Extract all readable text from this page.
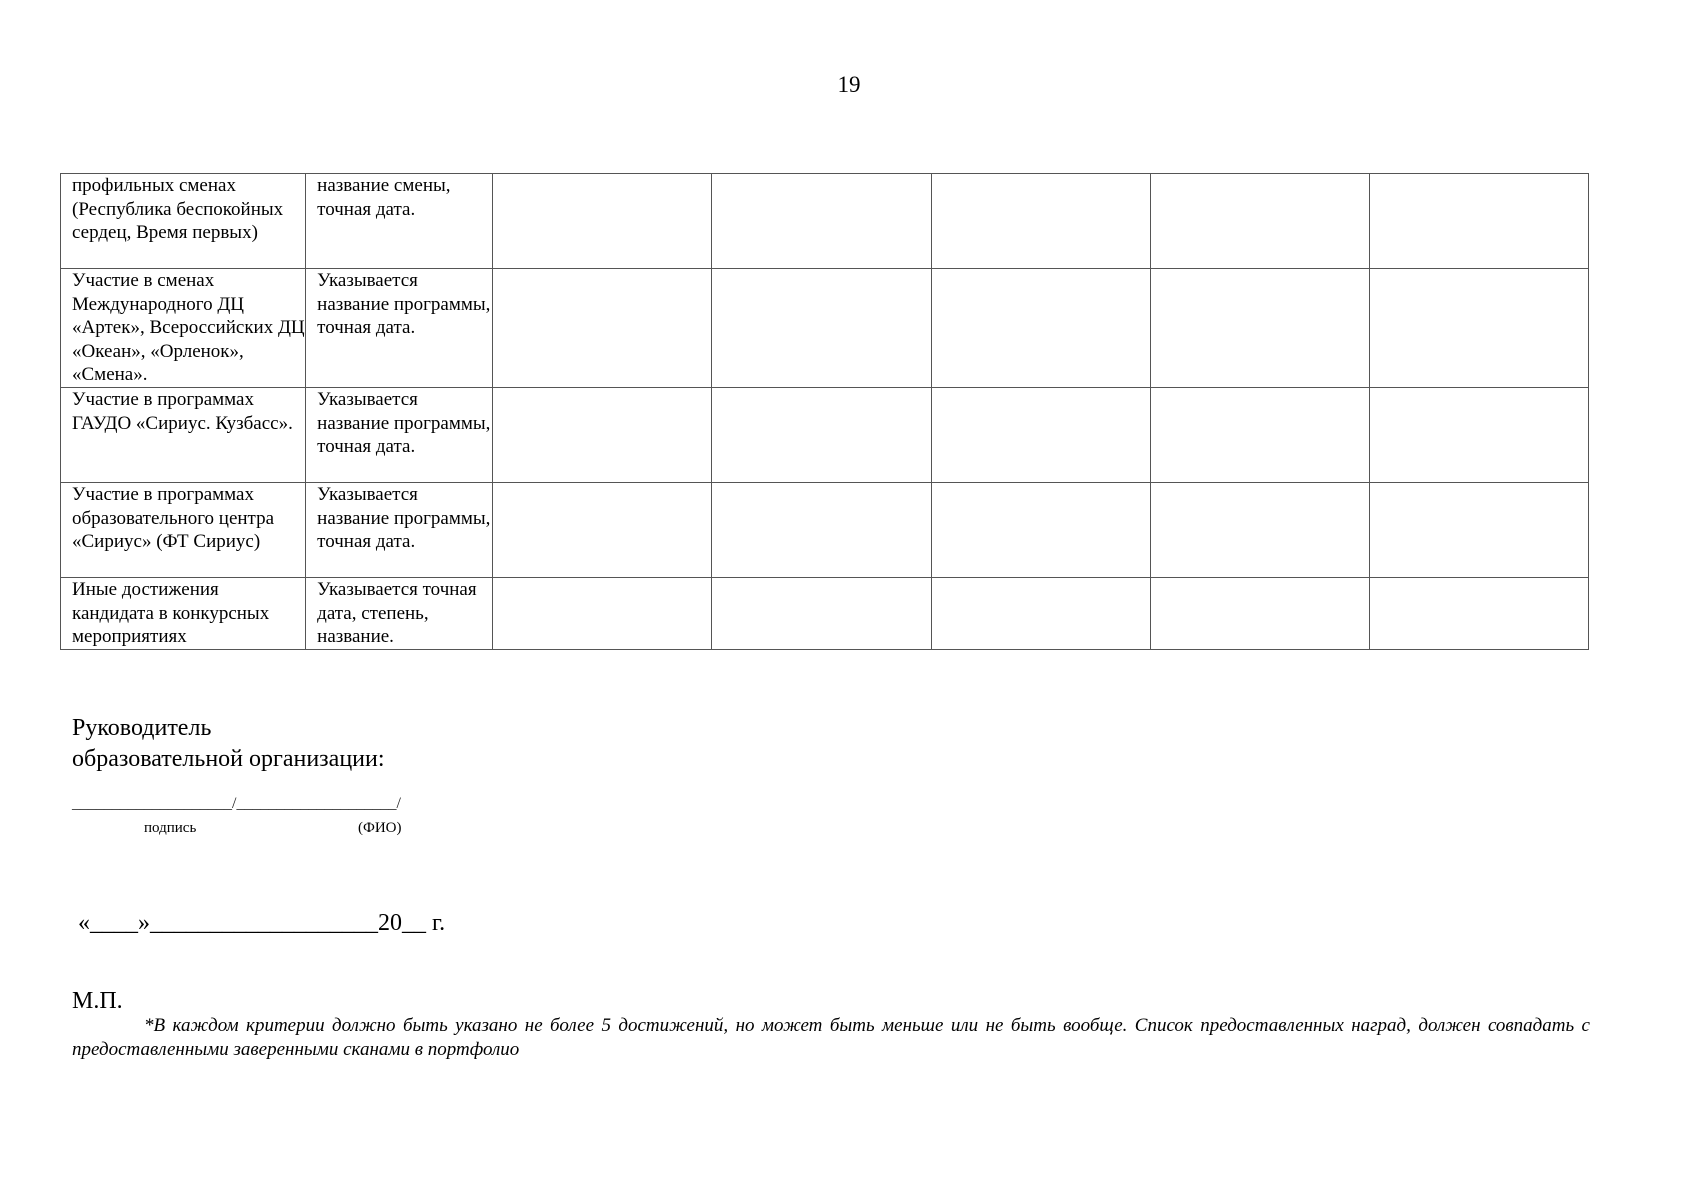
19
профильных сменах (Республика беспокойных сердец, Время первых)	название смены, точная дата.					
Участие в сменах Международного ДЦ «Артек», Всероссийских ДЦ «Океан», «Орленок», «Смена».	Указывается название программы, точная дата.					
Участие в программах ГАУДО «Сириус. Кузбасс».	Указывается название программы, точная дата.					
Участие в программах образовательного центра «Сириус» (ФТ Сириус)	Указывается название программы, точная дата.					
Иные достижения кандидата в конкурсных мероприятиях	Указывается точная дата, степень, название.					
Руководитель
образовательной организации:
____________________/____________________/
подпись	(ФИО)
«____»___________________20__ г.
М.П.
*В каждом критерии должно быть указано не более 5 достижений, но может быть меньше или не быть вообще. Список предоставленных наград, должен совпадать с предоставленными заверенными сканами в портфолио
